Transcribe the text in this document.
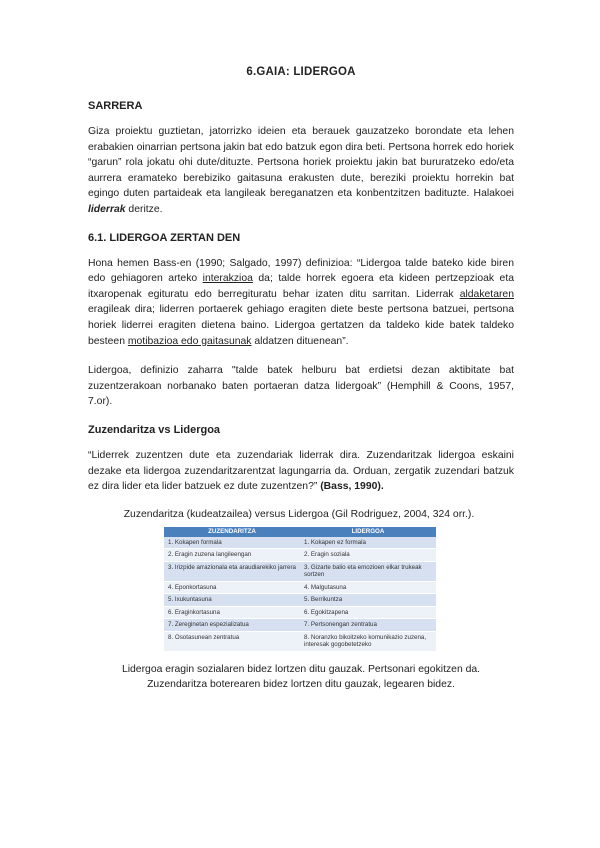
6.GAIA: LIDERGOA
SARRERA

Giza proiektu guztietan, jatorrizko ideien eta berauek gauzatzeko borondate eta lehen erabakien oinarrian pertsona jakin bat edo batzuk egon dira beti. Pertsona horrek edo horiek “garun” rola jokatu ohi dute/dituzte. Pertsona horiek proiektu jakin bat bururatzeko edo/eta aurrera eramateko berebiziko gaitasuna erakusten dute, bereziki proiektu horrekin bat egingo duten partaideak eta langileak bereganatzen eta konbentzitzen badituzte. Halakoei liderrak deritze.

6.1. LIDERGOA ZERTAN DEN

Hona hemen Bass-en (1990; Salgado, 1997) definizioa: “Lidergoa talde bateko kide biren edo gehiagoren arteko interakzioa da; talde horrek egoera eta kideen pertzepzioak eta itxaropenak egituratu edo berregituratu behar izaten ditu sarritan. Liderrak aldaketaren eragileak dira; liderren portaerek gehiago eragiten diete beste pertsona batzuei, pertsona horiek liderrei eragiten dietena baino. Lidergoa gertatzen da taldeko kide batek taldeko besteen motibazioa edo gaitasunak aldatzen dituenean”.

Lidergoa, definizio zaharra "talde batek helburu bat erdietsi dezan aktibitate bat zuzentzerakoan norbanako baten portaeran datza lidergoak” (Hemphill & Coons, 1957, 7.or).

Zuzendaritza vs Lidergoa

“Liderrek zuzentzen dute eta zuzendariak liderrak dira. Zuzendaritzak lidergoa eskaini dezake eta lidergoa zuzendaritzarentzat lagungarria da. Orduan, zergatik zuzendari batzuk ez dira lider eta lider batzuek ez dute zuzentzen?” (Bass, 1990).

Zuzendaritza (kudeatzailea) versus Lidergoa (Gil Rodriguez, 2004, 324 orr.).
ZUZENDARITZA	LIDERGOA
1. Kokapen formala	1. Kokapen ez formala
2. Eragin zuzena langileengan	2. Eragin soziala
3. Irizpide arrazionala eta araudiarekiko jarrera	3. Gizarte balio eta emozioen elkar trukeak sortzen
4. Eponkortasuna	4. Malgutasuna
5. Ixukuntasuna	5. Berrikuntza
6. Eraginkortasuna	6. Egokitzapena
7. Zereginetan espezializatua	7. Pertsonengan zentratua
8. Osotasunean zentratua	8. Noranzko bikoitzeko komunikazio zuzena, interesak gogobetetzeko
Lidergoa eragin sozialaren bidez lortzen ditu gauzak. Pertsonari egokitzen da.
Zuzendaritza boterearen bidez lortzen ditu gauzak, legearen bidez.
